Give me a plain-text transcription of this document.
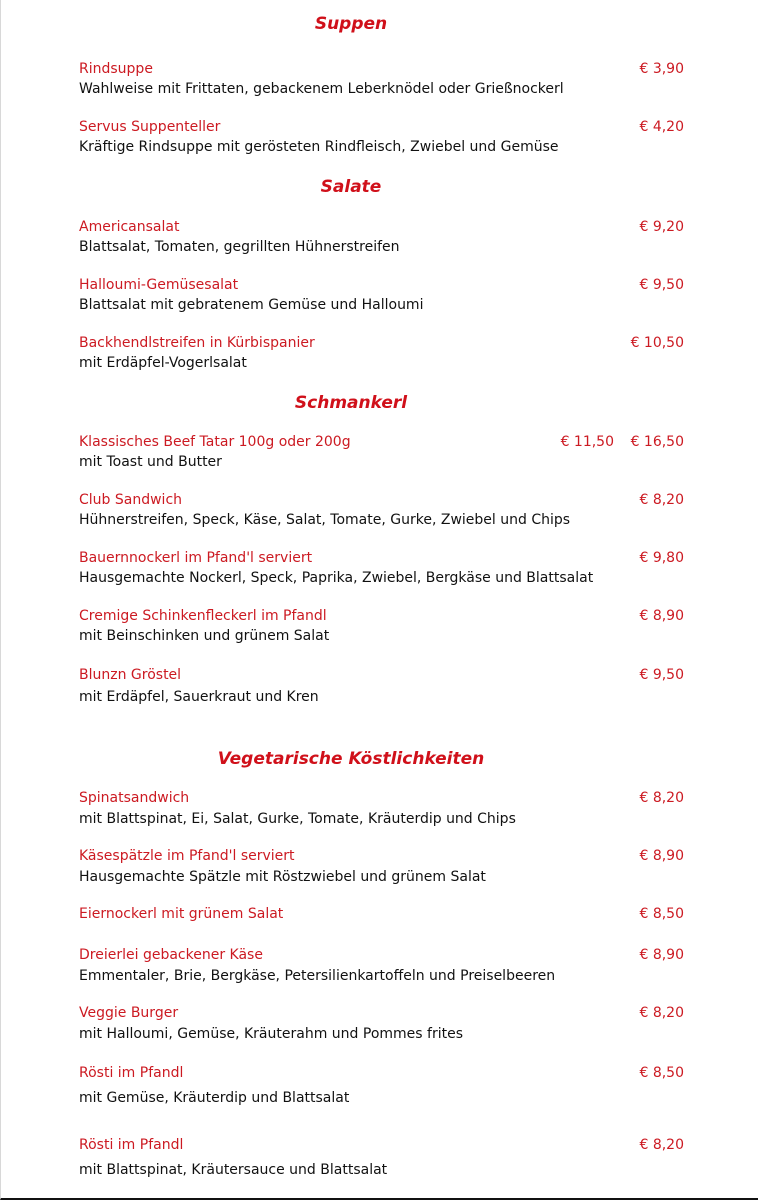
Suppen
Rindsuppe	€ 3,90
Wahlweise mit Frittaten, gebackenem Leberknödel oder Grießnockerl
Servus Suppenteller	€ 4,20
Kräftige Rindsuppe mit gerösteten Rindfleisch, Zwiebel und Gemüse
Salate
Americansalat	€ 9,20
Blattsalat, Tomaten, gegrillten Hühnerstreifen
Halloumi-Gemüsesalat	€ 9,50
Blattsalat mit gebratenem Gemüse und Halloumi
Backhendlstreifen in Kürbispanier	€ 10,50
mit Erdäpfel-Vogerlsalat
Schmankerl
Klassisches Beef Tatar 100g oder 200g	€ 11,50 € 16,50
mit Toast und Butter
Club Sandwich	€ 8,20
Hühnerstreifen, Speck, Käse, Salat, Tomate, Gurke, Zwiebel und Chips
Bauernnockerl im Pfand'l serviert	€ 9,80
Hausgemachte Nockerl, Speck, Paprika, Zwiebel, Bergkäse und Blattsalat
Cremige Schinkenfleckerl im Pfandl	€ 8,90
mit Beinschinken und grünem Salat
Blunzn Gröstel	€ 9,50
mit Erdäpfel, Sauerkraut und Kren
Vegetarische Köstlichkeiten
Spinatsandwich	€ 8,20
mit Blattspinat, Ei, Salat, Gurke, Tomate, Kräuterdip und Chips
Käsespätzle im Pfand'l serviert	€ 8,90
Hausgemachte Spätzle mit Röstzwiebel und grünem Salat
Eiernockerl mit grünem Salat	€ 8,50
Dreierlei gebackener Käse	€ 8,90
Emmentaler, Brie, Bergkäse, Petersilienkartoffeln und Preiselbeeren
Veggie Burger	€ 8,20
mit Halloumi, Gemüse, Kräuterahm und Pommes frites
Rösti im Pfandl	€ 8,50
mit Gemüse, Kräuterdip und Blattsalat
Rösti im Pfandl	€ 8,20
mit Blattspinat, Kräutersauce und Blattsalat
